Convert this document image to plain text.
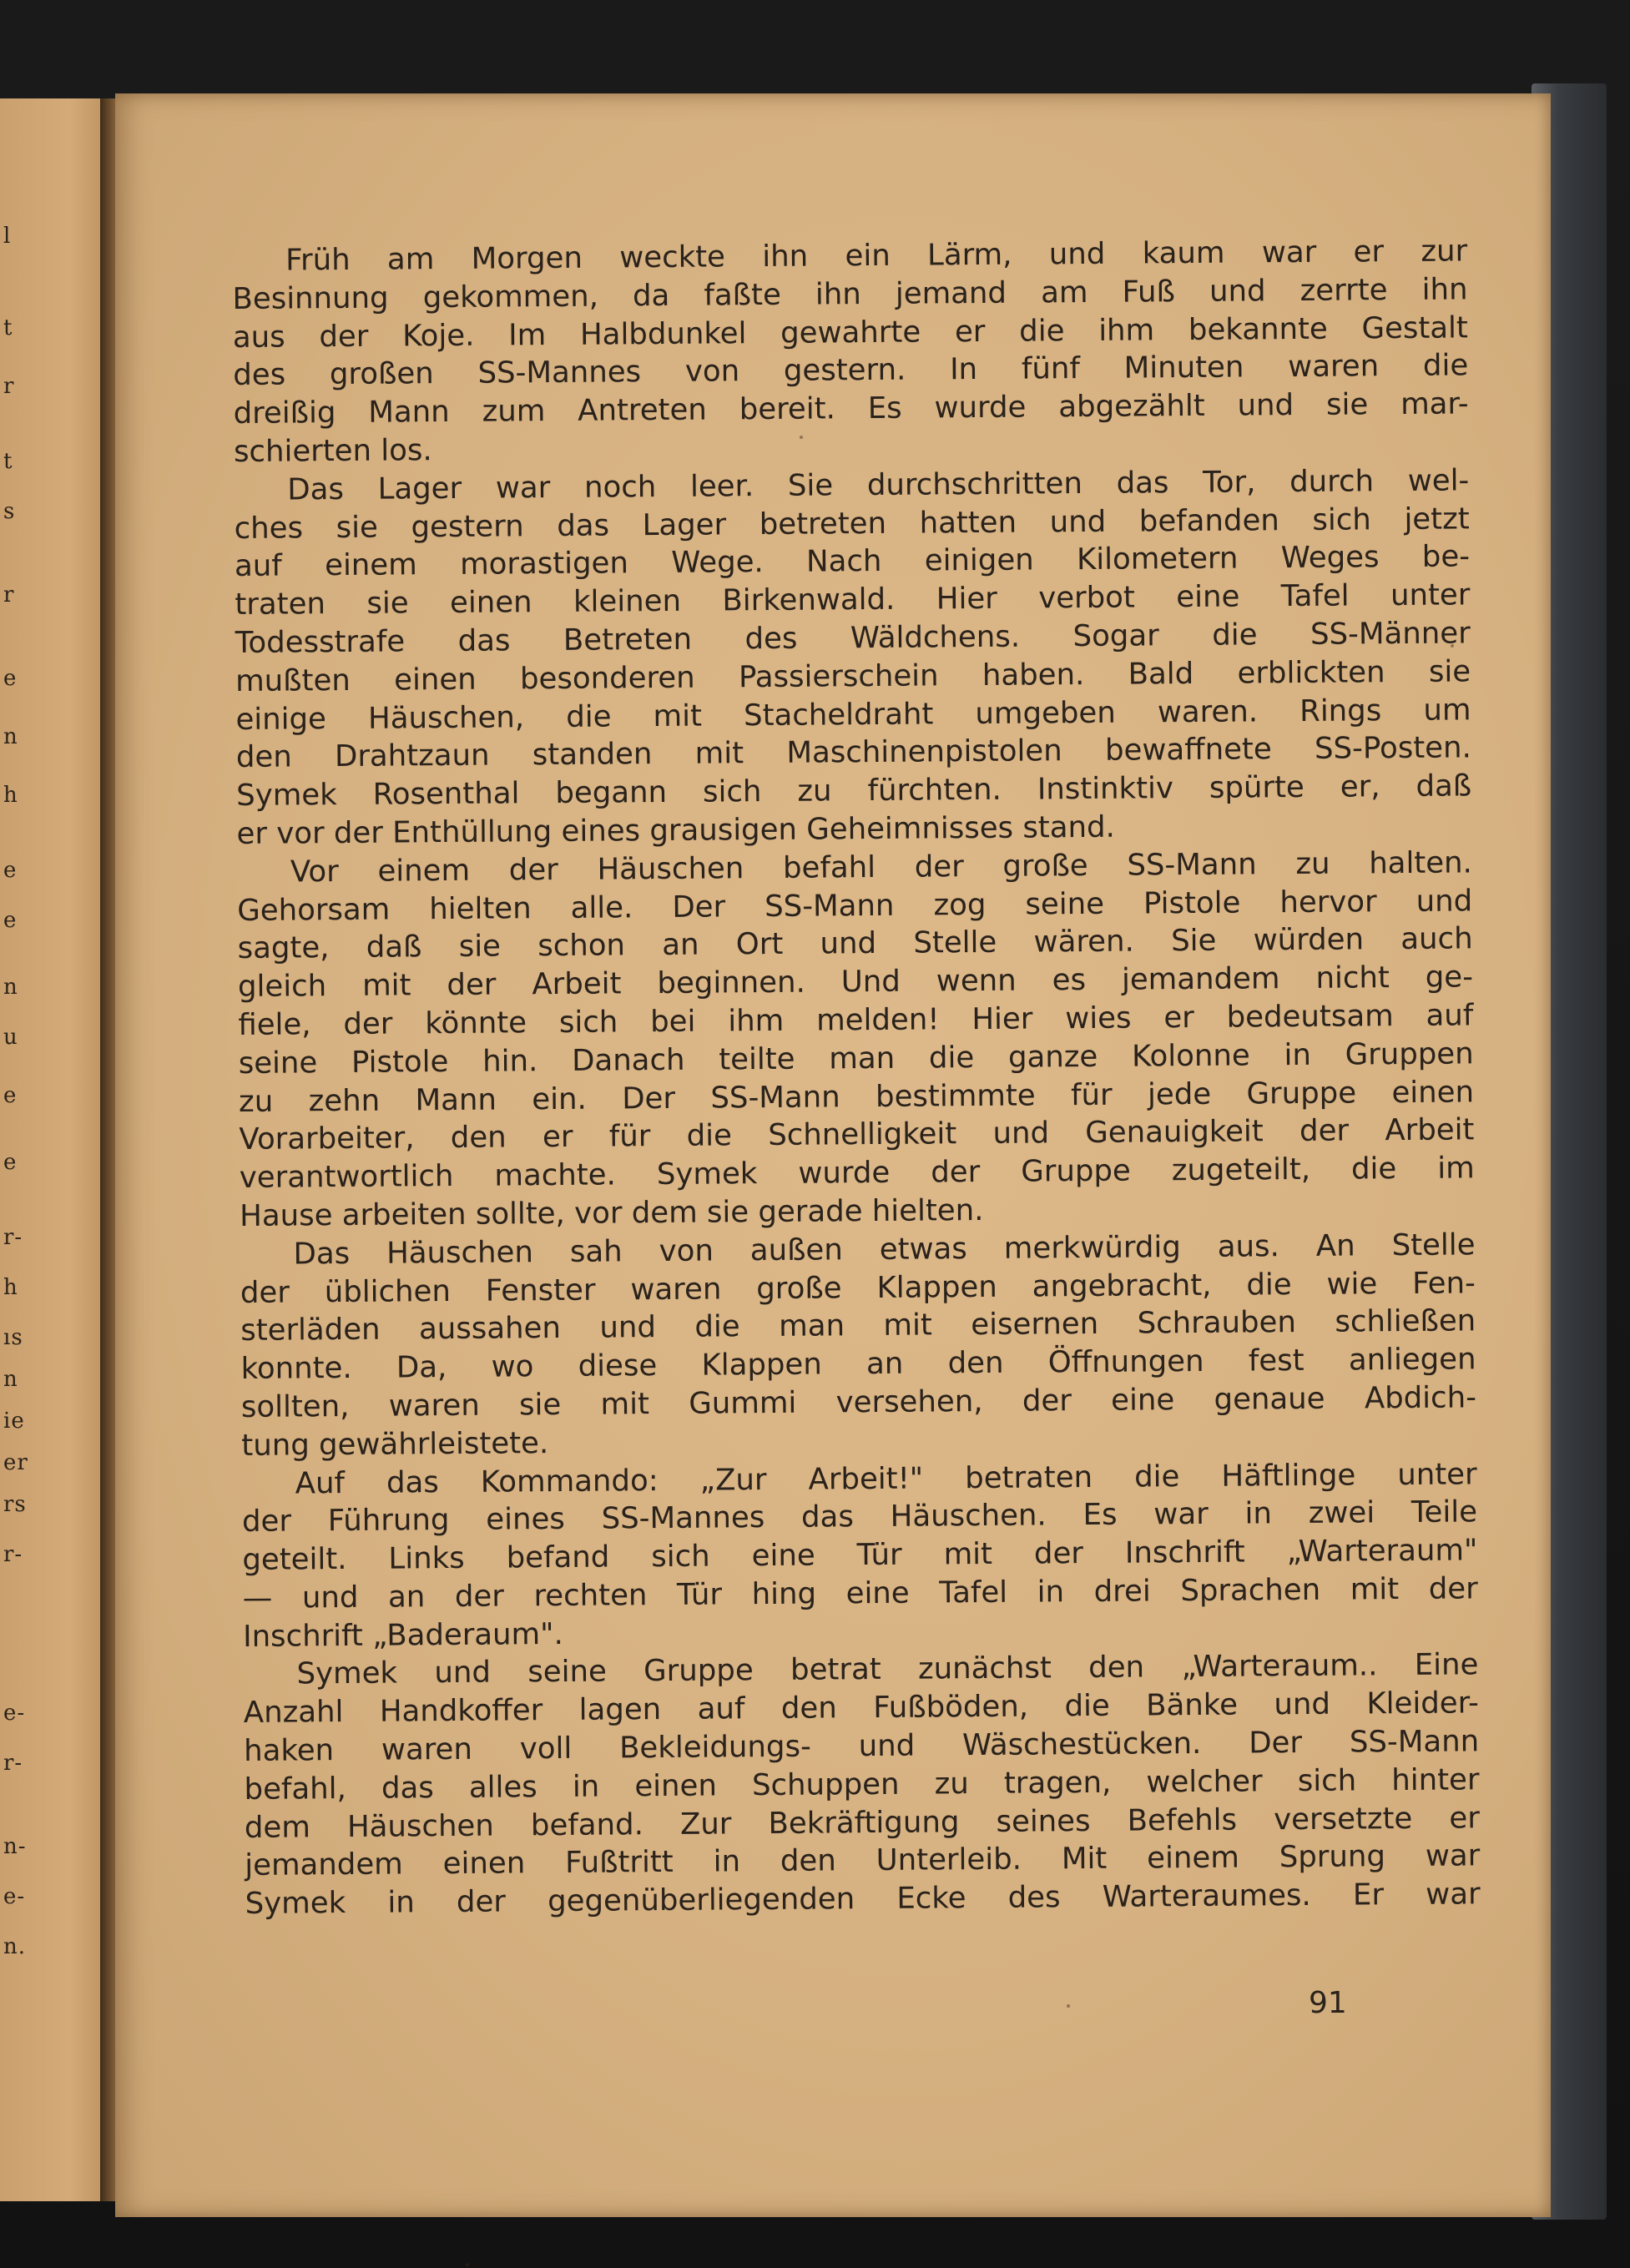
l
t
r
t
s
r
e
n
h
e
e
n
u
e
e
r-
h
ıs
n
ie
er
rs
r-
e-
r-
n-
e-
n.
Früh am Morgen weckte ihn ein Lärm, und kaum war er zur
Besinnung gekommen, da faßte ihn jemand am Fuß und zerrte ihn
aus der Koje. Im Halbdunkel gewahrte er die ihm bekannte Gestalt
des großen SS-Mannes von gestern. In fünf Minuten waren die
dreißig Mann zum Antreten bereit. Es wurde abgezählt und sie mar-
schierten los.
Das Lager war noch leer. Sie durchschritten das Tor, durch wel-
ches sie gestern das Lager betreten hatten und befanden sich jetzt
auf einem morastigen Wege. Nach einigen Kilometern Weges be-
traten sie einen kleinen Birkenwald. Hier verbot eine Tafel unter
Todesstrafe das Betreten des Wäldchens. Sogar die SS-Männer
mußten einen besonderen Passierschein haben. Bald erblickten sie
einige Häuschen, die mit Stacheldraht umgeben waren. Rings um
den Drahtzaun standen mit Maschinenpistolen bewaffnete SS-Posten.
Symek Rosenthal begann sich zu fürchten. Instinktiv spürte er, daß
er vor der Enthüllung eines grausigen Geheimnisses stand.
Vor einem der Häuschen befahl der große SS-Mann zu halten.
Gehorsam hielten alle. Der SS-Mann zog seine Pistole hervor und
sagte, daß sie schon an Ort und Stelle wären. Sie würden auch
gleich mit der Arbeit beginnen. Und wenn es jemandem nicht ge-
fiele, der könnte sich bei ihm melden! Hier wies er bedeutsam auf
seine Pistole hin. Danach teilte man die ganze Kolonne in Gruppen
zu zehn Mann ein. Der SS-Mann bestimmte für jede Gruppe einen
Vorarbeiter, den er für die Schnelligkeit und Genauigkeit der Arbeit
verantwortlich machte. Symek wurde der Gruppe zugeteilt, die im
Hause arbeiten sollte, vor dem sie gerade hielten.
Das Häuschen sah von außen etwas merkwürdig aus. An Stelle
der üblichen Fenster waren große Klappen angebracht, die wie Fen-
sterläden aussahen und die man mit eisernen Schrauben schließen
konnte. Da, wo diese Klappen an den Öffnungen fest anliegen
sollten, waren sie mit Gummi versehen, der eine genaue Abdich-
tung gewährleistete.
Auf das Kommando: „Zur Arbeit!" betraten die Häftlinge unter
der Führung eines SS-Mannes das Häuschen. Es war in zwei Teile
geteilt. Links befand sich eine Tür mit der Inschrift „Warteraum"
— und an der rechten Tür hing eine Tafel in drei Sprachen mit der
Inschrift „Baderaum".
Symek und seine Gruppe betrat zunächst den „Warteraum.. Eine
Anzahl Handkoffer lagen auf den Fußböden, die Bänke und Kleider-
haken waren voll Bekleidungs- und Wäschestücken. Der SS-Mann
befahl, das alles in einen Schuppen zu tragen, welcher sich hinter
dem Häuschen befand. Zur Bekräftigung seines Befehls versetzte er
jemandem einen Fußtritt in den Unterleib. Mit einem Sprung war
Symek in der gegenüberliegenden Ecke des Warteraumes. Er war
91
